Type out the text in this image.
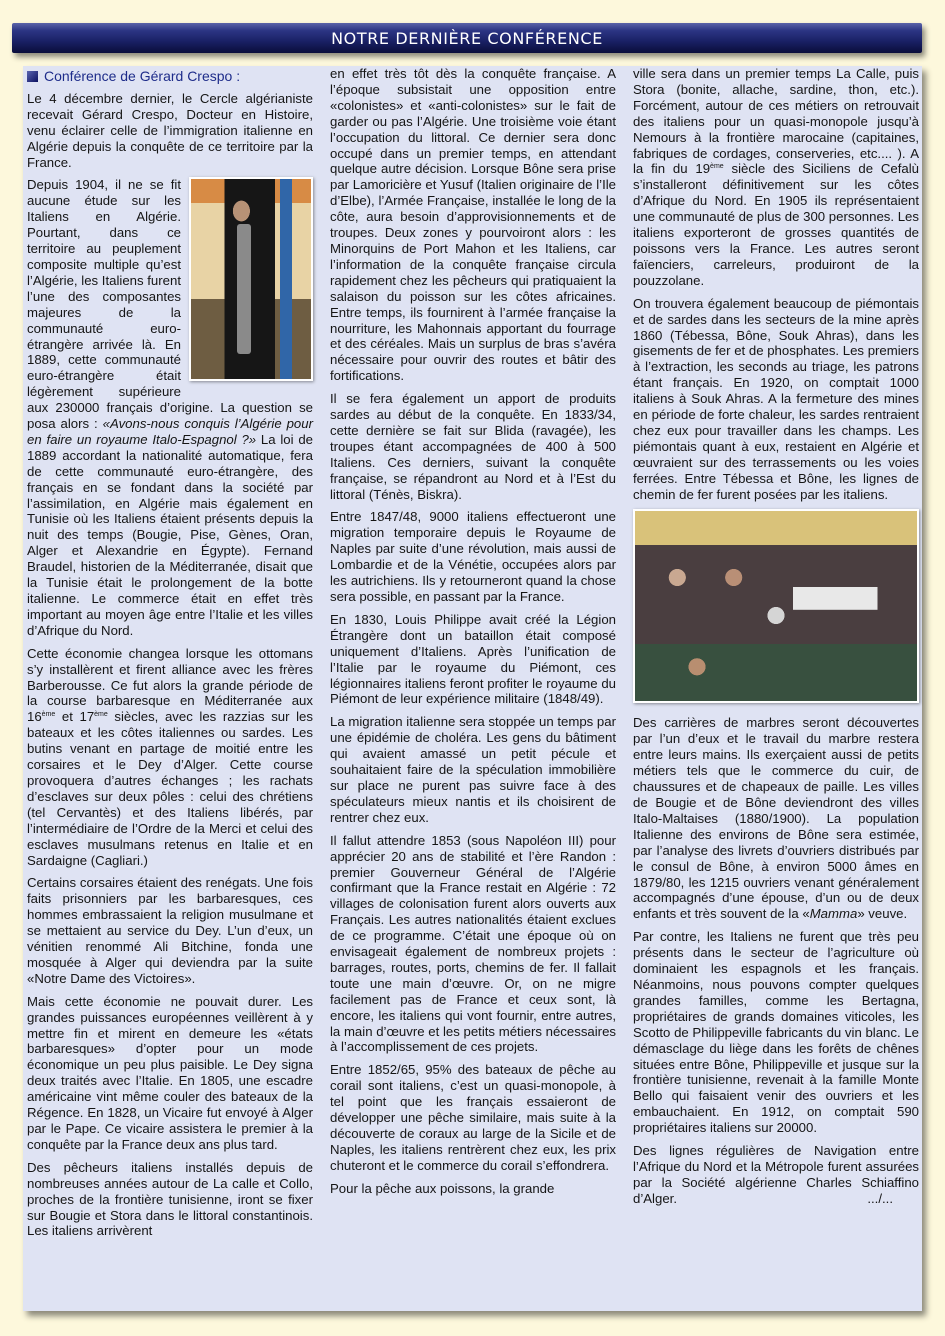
NOTRE DERNIÈRE CONFÉRENCE
Conférence de Gérard Crespo :

Le 4 décembre dernier, le Cercle algérianiste recevait Gérard Crespo, Docteur en Histoire, venu éclairer celle de l’immigration italienne en Algérie depuis la conquête de ce territoire par la France.

Depuis 1904, il ne se fit aucune étude sur les Italiens en Algérie. Pourtant, dans ce territoire au peuplement composite multiple qu’est l’Algérie, les Italiens furent l’une des composantes majeures de la communauté euro-étrangère arrivée là. En 1889, cette communauté euro-étrangère était légèrement supérieure aux 230000 français d’origine. La question se posa alors : «Avons-nous conquis l’Algérie pour en faire un royaume Italo-Espagnol ?» La loi de 1889 accordant la nationalité automatique, fera de cette communauté euro-étrangère, des français en se fondant dans la société par l’assimilation, en Algérie mais également en Tunisie où les Italiens étaient présents depuis la nuit des temps (Bougie, Pise, Gènes, Oran, Alger et Alexandrie en Égypte). Fernand Braudel, historien de la Méditerranée, disait que la Tunisie était le prolongement de la botte italienne. Le commerce était en effet très important au moyen âge entre l’Italie et les villes d’Afrique du Nord.

Cette économie changea lorsque les ottomans s’y installèrent et firent alliance avec les frères Barberousse. Ce fut alors la grande période de la course barbaresque en Méditerranée aux 16ème et 17ème siècles, avec les razzias sur les bateaux et les côtes italiennes ou sardes. Les butins venant en partage de moitié entre les corsaires et le Dey d’Alger. Cette course provoquera d’autres échanges ; les rachats d’esclaves sur deux pôles : celui des chrétiens (tel Cervantès) et des Italiens libérés, par l’intermédiaire de l’Ordre de la Merci et celui des esclaves musulmans retenus en Italie et en Sardaigne (Cagliari.)

Certains corsaires étaient des renégats. Une fois faits prisonniers par les barbaresques, ces hommes embrassaient la religion musulmane et se mettaient au service du Dey. L’un d’eux, un vénitien renommé Ali Bitchine, fonda une mosquée à Alger qui deviendra par la suite «Notre Dame des Victoires».

Mais cette économie ne pouvait durer. Les grandes puissances européennes veillèrent à y mettre fin et mirent en demeure les «états barbaresques» d’opter pour un mode économique un peu plus paisible. Le Dey signa deux traités avec l’Italie. En 1805, une escadre américaine vint même couler des bateaux de la Régence. En 1828, un Vicaire fut envoyé à Alger par le Pape. Ce vicaire assistera le premier à la conquête par la France deux ans plus tard.

Des pêcheurs italiens installés depuis de nombreuses années autour de La calle et Collo, proches de la frontière tunisienne, iront se fixer sur Bougie et Stora dans le littoral constantinois. Les italiens arrivèrent

en effet très tôt dès la conquête française. A l’époque subsistait une opposition entre «colonistes» et «anti-colonistes» sur le fait de garder ou pas l’Algérie. Une troisième voie étant l’occupation du littoral. Ce dernier sera donc occupé dans un premier temps, en attendant quelque autre décision. Lorsque Bône sera prise par Lamoricière et Yusuf (Italien originaire de l’Ile d’Elbe), l’Armée Française, installée le long de la côte, aura besoin d’approvisionnements et de troupes. Deux zones y pourvoiront alors : les Minorquins de Port Mahon et les Italiens, car l’information de la conquête française circula rapidement chez les pêcheurs qui pratiquaient la salaison du poisson sur les côtes africaines. Entre temps, ils fournirent à l’armée française la nourriture, les Mahonnais apportant du fourrage et des céréales. Mais un surplus de bras s’avéra nécessaire pour ouvrir des routes et bâtir des fortifications.

Il se fera également un apport de produits sardes au début de la conquête. En 1833/34, cette dernière se fait sur Blida (ravagée), les troupes étant accompagnées de 400 à 500 Italiens. Ces derniers, suivant la conquête française, se répandront au Nord et à l’Est du littoral (Ténès, Biskra).

Entre 1847/48, 9000 italiens effectueront une migration temporaire depuis le Royaume de Naples par suite d’une révolution, mais aussi de Lombardie et de la Vénétie, occupées alors par les autrichiens. Ils y retourneront quand la chose sera possible, en passant par la France.

En 1830, Louis Philippe avait créé la Légion Étrangère dont un bataillon était composé uniquement d’Italiens. Après l’unification de l’Italie par le royaume du Piémont, ces légionnaires italiens feront profiter le royaume du Piémont de leur expérience militaire (1848/49).

La migration italienne sera stoppée un temps par une épidémie de choléra. Les gens du bâtiment qui avaient amassé un petit pécule et souhaitaient faire de la spéculation immobilière sur place ne purent pas suivre face à des spéculateurs mieux nantis et ils choisirent de rentrer chez eux.

Il fallut attendre 1853 (sous Napoléon III) pour apprécier 20 ans de stabilité et l’ère Randon : premier Gouverneur Général de l’Algérie confirmant que la France restait en Algérie : 72 villages de colonisation furent alors ouverts aux Français. Les autres nationalités étaient exclues de ce programme. C’était une époque où on envisageait également de nombreux projets : barrages, routes, ports, chemins de fer. Il fallait toute une main d’œuvre. Or, on ne migre facilement pas de France et ceux sont, là encore, les italiens qui vont fournir, entre autres, la main d’œuvre et les petits métiers nécessaires à l’accomplissement de ces projets.

Entre 1852/65, 95% des bateaux de pêche au corail sont italiens, c’est un quasi-monopole, à tel point que les français essaieront de développer une pêche similaire, mais suite à la découverte de coraux au large de la Sicile et de Naples, les italiens rentrèrent chez eux, les prix chuteront et le commerce du corail s’effondrera.

Pour la pêche aux poissons, la grande

ville sera dans un premier temps La Calle, puis Stora (bonite, allache, sardine, thon, etc.). Forcément, autour de ces métiers on retrouvait des italiens pour un quasi-monopole jusqu’à Nemours à la frontière marocaine (capitaines, fabriques de cordages, conserveries, etc.... ). A la fin du 19ème siècle des Siciliens de Cefalù s’installeront définitivement sur les côtes d’Afrique du Nord. En 1905 ils représentaient une communauté de plus de 300 personnes. Les italiens exporteront de grosses quantités de poissons vers la France. Les autres seront faïenciers, carreleurs, produiront de la pouzzolane.

On trouvera également beaucoup de piémontais et de sardes dans les secteurs de la mine après 1860 (Tébessa, Bône, Souk Ahras), dans les gisements de fer et de phosphates. Les premiers à l’extraction, les seconds au triage, les patrons étant français. En 1920, on comptait 1000 italiens à Souk Ahras. A la fermeture des mines en période de forte chaleur, les sardes rentraient chez eux pour travailler dans les champs. Les piémontais quant à eux, restaient en Algérie et œuvraient sur des terrassements ou les voies ferrées. Entre Tébessa et Bône, les lignes de chemin de fer furent posées par les italiens.

Des carrières de marbres seront découvertes par l’un d’eux et le travail du marbre restera entre leurs mains. Ils exerçaient aussi de petits métiers tels que le commerce du cuir, de chaussures et de chapeaux de paille. Les villes de Bougie et de Bône deviendront des villes Italo-Maltaises (1880/1900). La population Italienne des environs de Bône sera estimée, par l’analyse des livrets d’ouvriers distribués par le consul de Bône, à environ 5000 âmes en 1879/80, les 1215 ouvriers venant généralement accompagnés d’une épouse, d’un ou de deux enfants et très souvent de la «Mamma» veuve.

Par contre, les Italiens ne furent que très peu présents dans le secteur de l’agriculture où dominaient les espagnols et les français. Néanmoins, nous pouvons compter quelques grandes familles, comme les Bertagna, propriétaires de grands domaines viticoles, les Scotto de Philippeville fabricants du vin blanc. Le démasclage du liège dans les forêts de chênes situées entre Bône, Philippeville et jusque sur la frontière tunisienne, revenait à la famille Monte Bello qui faisaient venir des ouvriers et les embauchaient. En 1912, on comptait 590 propriétaires italiens sur 20000.

Des lignes régulières de Navigation entre l’Afrique du Nord et la Métropole furent assurées par la Société algérienne Charles Schiaffino d’Alger.	.../...
